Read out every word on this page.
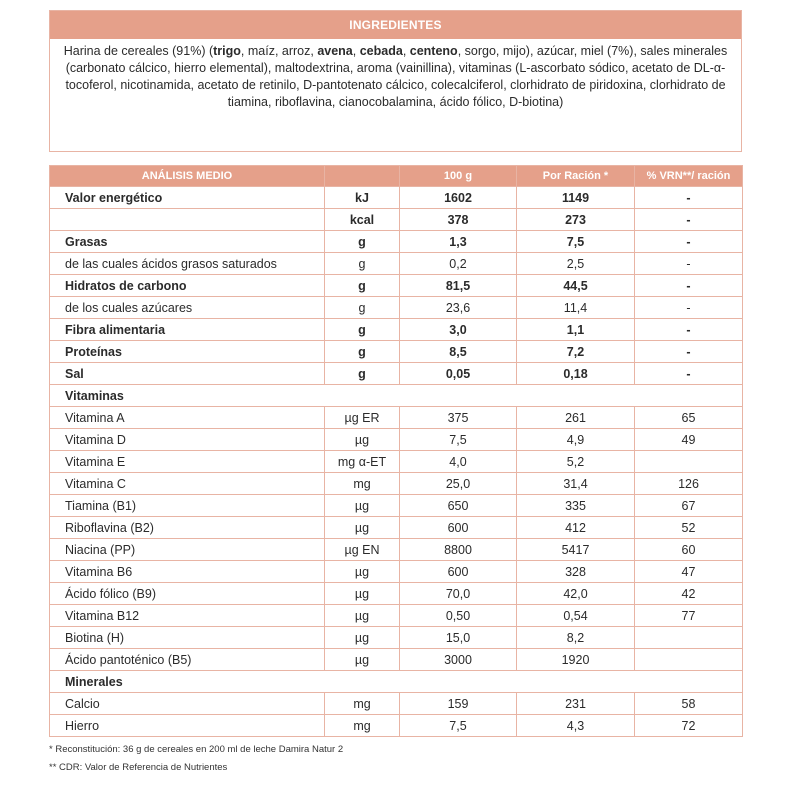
INGREDIENTES
Harina de cereales (91%) (trigo, maíz, arroz, avena, cebada, centeno, sorgo, mijo), azúcar, miel (7%), sales minerales (carbonato cálcico, hierro elemental), maltodextrina, aroma (vainillina), vitaminas (L-ascorbato sódico, acetato de DL-α- tocoferol, nicotinamida, acetato de retinilo, D-pantotenato cálcico, colecalciferol, clorhidrato de piridoxina, clorhidrato de tiamina, riboflavina, cianocobalamina, ácido fólico, D-biotina)
ANÁLISIS MEDIO		100 g	Por Ración *	% VRN**/ ración
Valor energético	kJ	1602	1149	-
	kcal	378	273	-
Grasas	g	1,3	7,5	-
de las cuales ácidos grasos saturados	g	0,2	2,5	-
Hidratos de carbono	g	81,5	44,5	-
de los cuales azúcares	g	23,6	11,4	-
Fibra alimentaria	g	3,0	1,1	-
Proteínas	g	8,5	7,2	-
Sal	g	0,05	0,18	-
Vitaminas				
Vitamina A	µg ER	375	261	65
Vitamina D	µg	7,5	4,9	49
Vitamina E	mg α-ET	4,0	5,2	
Vitamina C	mg	25,0	31,4	126
Tiamina (B1)	µg	650	335	67
Riboflavina (B2)	µg	600	412	52
Niacina (PP)	µg EN	8800	5417	60
Vitamina B6	µg	600	328	47
Ácido fólico (B9)	µg	70,0	42,0	42
Vitamina B12	µg	0,50	0,54	77
Biotina (H)	µg	15,0	8,2	
Ácido pantoténico (B5)	µg	3000	1920	
Minerales				
Calcio	mg	159	231	58
Hierro	mg	7,5	4,3	72
* Reconstitución: 36 g de cereales en 200 ml de leche Damira Natur 2
** CDR: Valor de Referencia de Nutrientes
